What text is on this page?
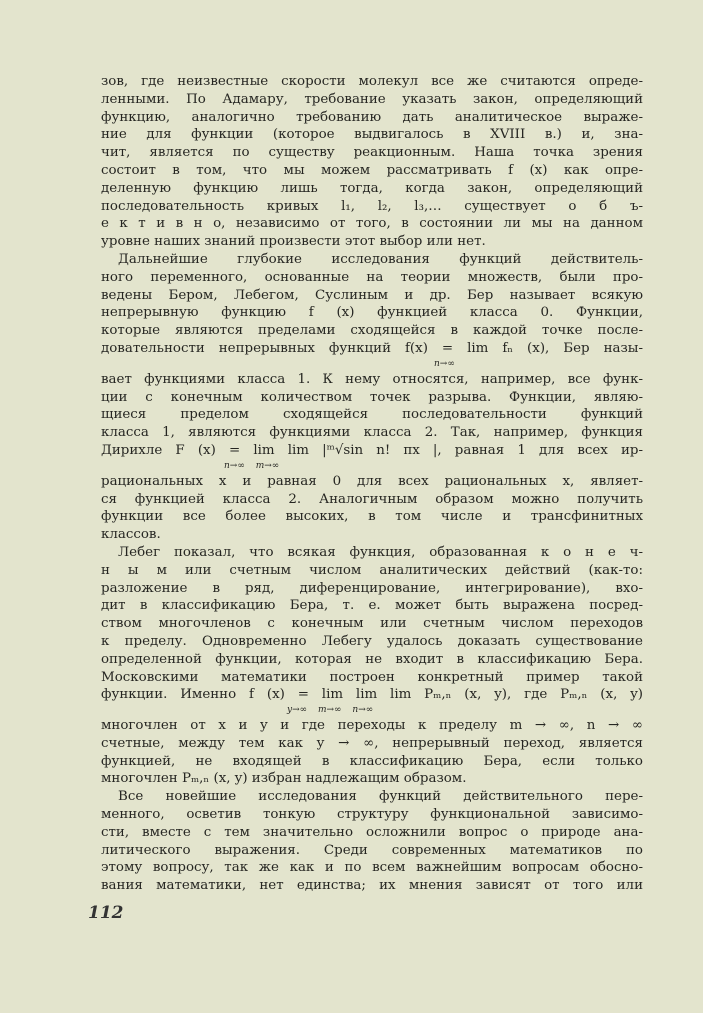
зов, где неизвестные скорости молекул все же считаются опреде-
ленными. По Адамару, требование указать закон, определяющий
функцию, аналогично требованию дать аналитическое выраже-
ние для функции (которое выдвигалось в XVIII в.) и, зна-
чит, является по существу реакционным. Наша точка зрения
состоит в том, что мы можем рассматривать f (x) как опре-
деленную функцию лишь тогда, когда закон, определяющий
последовательность кривых l₁, l₂, l₃,… существует о б ъ-
е к т и в н о, независимо от того, в состоянии ли мы на данном
уровне наших знаний произвести этот выбор или нет.
Дальнейшие глубокие исследования функций действитель-
ного переменного, основанные на теории множеств, были про-
ведены Бером, Лебегом, Суслиным и др. Бер называет всякую
непрерывную функцию f (x) функцией класса 0. Функции,
которые являются пределами сходящейся в каждой точке после-
довательности непрерывных функций f(x) = lim fₙ (x), Бер назы-
n→∞
вает функциями класса 1. К нему относятся, например, все функ-
ции с конечным количеством точек разрыва. Функции, являю-
щиеся пределом сходящейся последовательности функций
класса 1, являются функциями класса 2. Так, например, функция
Дирихле F (x) = lim lim |ᵐ√sin n! πx |, равная 1 для всех ир-
n→∞ m→∞
рациональных x и равная 0 для всех рациональных x, являет-
ся функцией класса 2. Аналогичным образом можно получить
функции все более высоких, в том числе и трансфинитных
классов.
Лебег показал, что всякая функция, образованная к о н е ч-
н ы м или счетным числом аналитических действий (как-то:
разложение в ряд, диференцирование, интегрирование), вхо-
дит в классификацию Бера, т. е. может быть выражена посред-
ством многочленов с конечным или счетным числом переходов
к пределу. Одновременно Лебегу удалось доказать существование
определенной функции, которая не входит в классификацию Бера.
Московскими математики построен конкретный пример такой
функции. Именно f (x) = lim lim lim Pₘ,ₙ (x, y), где Pₘ,ₙ (x, y)
y→∞ m→∞ n→∞
многочлен от x и y и где переходы к пределу m → ∞, n → ∞
счетные, между тем как y → ∞, непрерывный переход, является
функцией, не входящей в классификацию Бера, если только
многочлен Pₘ,ₙ (x, y) избран надлежащим образом.
Все новейшие исследования функций действительного пере-
менного, осветив тонкую структуру функциональной зависимо-
сти, вместе с тем значительно осложнили вопрос о природе ана-
литического выражения. Среди современных математиков по
этому вопросу, так же как и по всем важнейшим вопросам обосно-
вания математики, нет единства; их мнения зависят от того или
112
